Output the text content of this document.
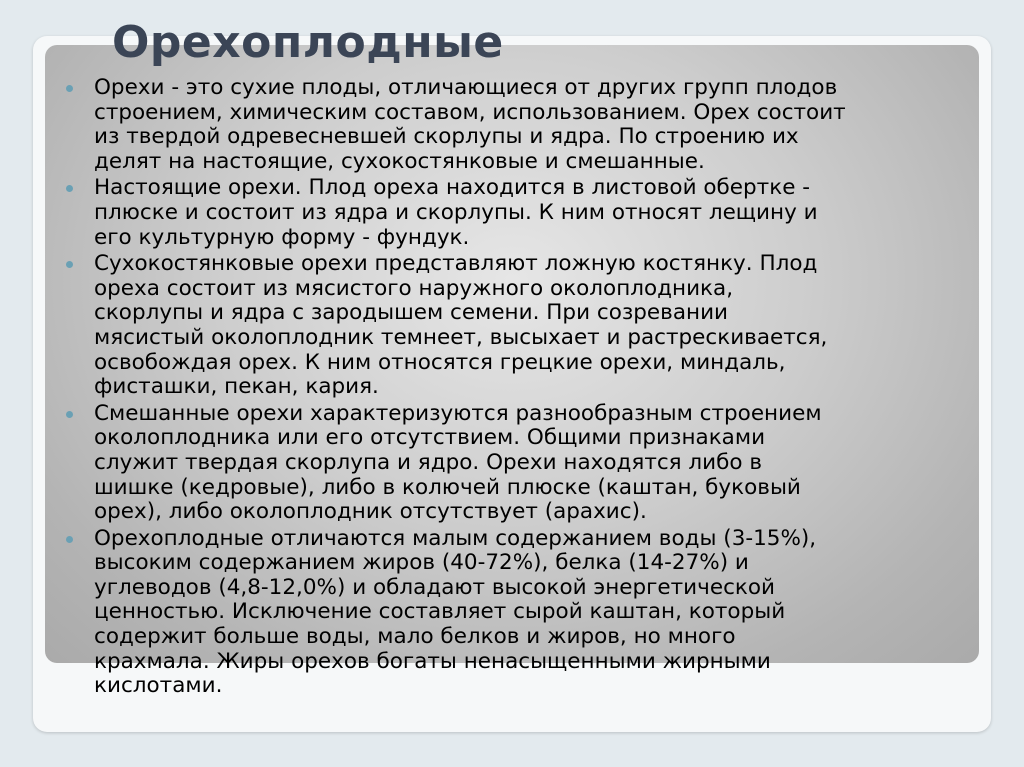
Орехоплодные
Орехи - это сухие плоды, отличающиеся от других групп плодов
строением, химическим составом, использованием. Орех состоит
из твердой одревесневшей скорлупы и ядра. По строению их
делят на настоящие, сухокостянковые и смешанные.
Настоящие орехи. Плод ореха находится в листовой обертке -
плюске и состоит из ядра и скорлупы. К ним относят лещину и
его культурную форму - фундук.
Сухокостянковые орехи представляют ложную костянку. Плод
ореха состоит из мясистого наружного околоплодника,
скорлупы и ядра с зародышем семени. При созревании
мясистый околоплодник темнеет, высыхает и растрескивается,
освобождая орех. К ним относятся грецкие орехи, миндаль,
фисташки, пекан, кария.
Смешанные орехи характеризуются разнообразным строением
околоплодника или его отсутствием. Общими признаками
служит твердая скорлупа и ядро. Орехи находятся либо в
шишке (кедровые), либо в колючей плюске (каштан, буковый
орех), либо околоплодник отсутствует (арахис).
Орехоплодные отличаются малым содержанием воды (3-15%),
высоким содержанием жиров (40-72%), белка (14-27%) и
углеводов (4,8-12,0%) и обладают высокой энергетической
ценностью. Исключение составляет сырой каштан, который
содержит больше воды, мало белков и жиров, но много
крахмала. Жиры орехов богаты ненасыщенными жирными
кислотами.
